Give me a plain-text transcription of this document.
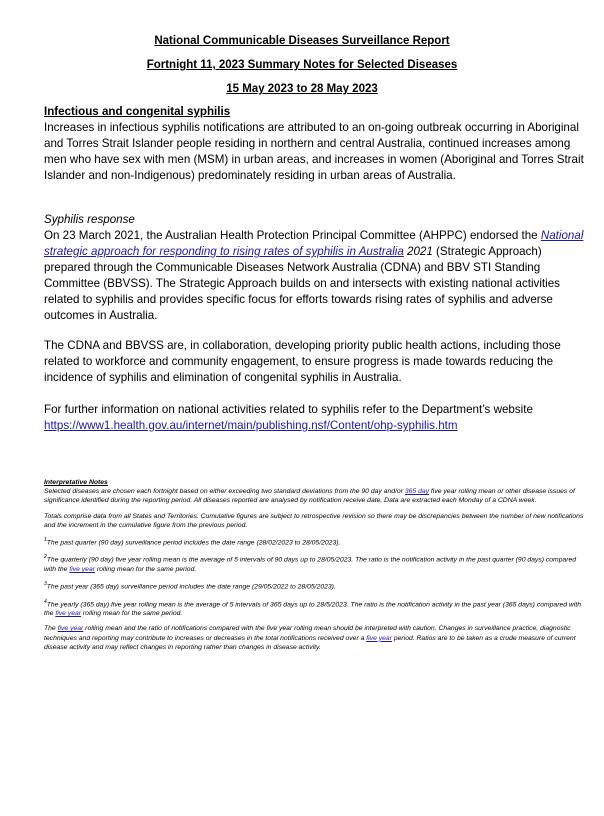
National Communicable Diseases Surveillance Report
Fortnight 11, 2023 Summary Notes for Selected Diseases
15 May 2023 to 28 May 2023
Infectious and congenital syphilis
Increases in infectious syphilis notifications are attributed to an on-going outbreak occurring in Aboriginal and Torres Strait Islander people residing in northern and central Australia, continued increases among men who have sex with men (MSM) in urban areas, and increases in women (Aboriginal and Torres Strait Islander and non-Indigenous) predominately residing in urban areas of Australia.
Syphilis response
On 23 March 2021, the Australian Health Protection Principal Committee (AHPPC) endorsed the National strategic approach for responding to rising rates of syphilis in Australia 2021 (Strategic Approach) prepared through the Communicable Diseases Network Australia (CDNA) and BBV STI Standing Committee (BBVSS). The Strategic Approach builds on and intersects with existing national activities related to syphilis and provides specific focus for efforts towards rising rates of syphilis and adverse outcomes in Australia.
The CDNA and BBVSS are, in collaboration, developing priority public health actions, including those related to workforce and community engagement, to ensure progress is made towards reducing the incidence of syphilis and elimination of congenital syphilis in Australia.
For further information on national activities related to syphilis refer to the Department’s website
https://www1.health.gov.au/internet/main/publishing.nsf/Content/ohp-syphilis.htm

Interpretative Notes

Selected diseases are chosen each fortnight based on either exceeding two standard deviations from the 90 day and/or 365 day five year rolling mean or other disease issues of significance identified during the reporting period. All diseases reported are analysed by notification receive date. Data are extracted each Monday of a CDNA week.

Totals comprise data from all States and Territories. Cumulative figures are subject to retrospective revision so there may be discrepancies between the number of new notifications and the increment in the cumulative figure from the previous period.

$^1$The past quarter (90 day) surveillance period includes the date range (28/02/2023 to 28/05/2023).

$^2$The quarterly (90 day) five year rolling mean is the average of 5 intervals of 90 days up to 28/05/2023. The ratio is the notification activity in the past quarter (90 days) compared with the five year rolling mean for the same period.

$^3$The past year (365 day) surveillance period includes the date range (29/05/2022 to 28/05/2023).

$^4$The yearly (365 day) five year rolling mean is the average of 5 intervals of 365 days up to 28/5/2023. The ratio is the notification activity in the past year (365 days) compared with the five year rolling mean for the same period.

The five year rolling mean and the ratio of notifications compared with the five year rolling mean should be interpreted with caution. Changes in surveillance practice, diagnostic techniques and reporting may contribute to increases or decreases in the total notifications received over a five year period. Ratios are to be taken as a crude measure of current disease activity and may reflect changes in reporting rather than changes in disease activity.
